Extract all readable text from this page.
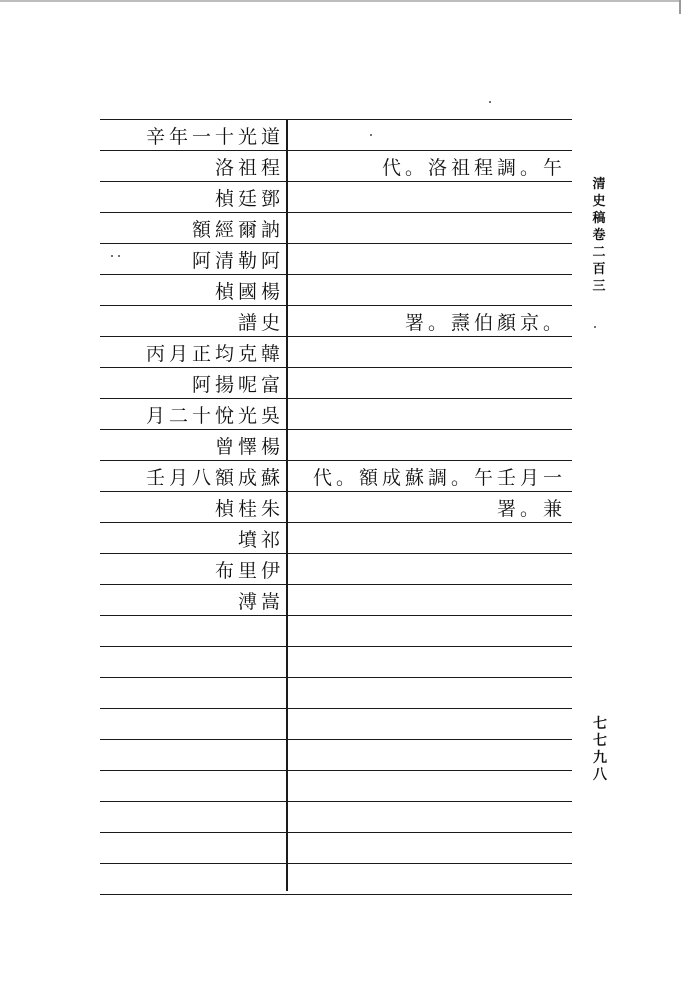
辛年一十光道
洛祖程	代。洛祖程調。午
楨廷鄧
額經爾訥
阿清勒阿
楨國楊
譜史	署。燾伯顏京。
丙月正均克韓
阿揚呢富
月二十悅光吳
曾懌楊
壬月八額成蘇 代。額成蘇調。午壬月一
楨桂朱	署。兼
墳祁
布里伊
溥嵩
清史稿卷二百三
七七九八
